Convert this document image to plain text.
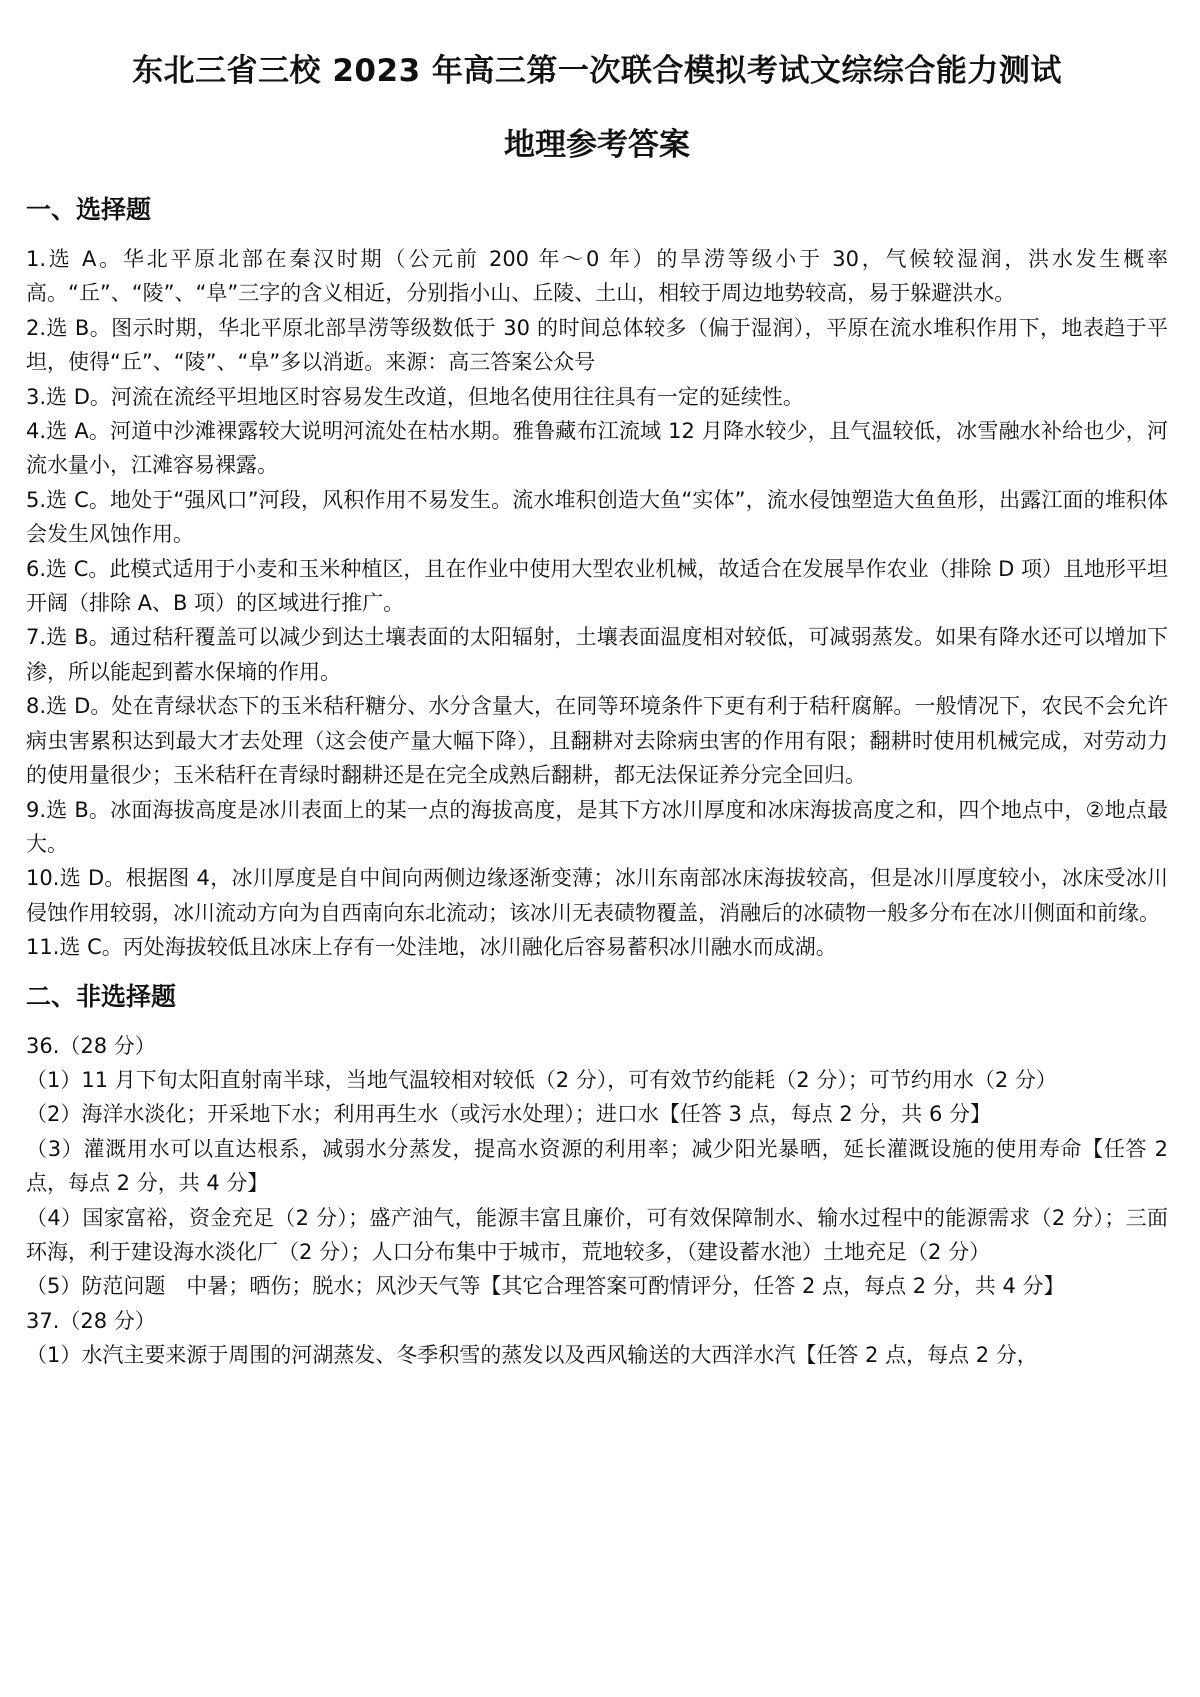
东北三省三校 2023 年高三第一次联合模拟考试文综综合能力测试
地理参考答案
一、选择题

1.选 A。华北平原北部在秦汉时期（公元前 200 年～0 年）的旱涝等级小于 30，气候较湿润，洪水发生概率高。“丘”、“陵”、“阜”三字的含义相近，分别指小山、丘陵、土山，相较于周边地势较高，易于躲避洪水。

2.选 B。图示时期，华北平原北部旱涝等级数低于 30 的时间总体较多（偏于湿润），平原在流水堆积作用下，地表趋于平坦，使得“丘”、“陵”、“阜”多以消逝。来源：高三答案公众号

3.选 D。河流在流经平坦地区时容易发生改道，但地名使用往往具有一定的延续性。

4.选 A。河道中沙滩裸露较大说明河流处在枯水期。雅鲁藏布江流域 12 月降水较少，且气温较低，冰雪融水补给也少，河流水量小，江滩容易裸露。

5.选 C。地处于“强风口”河段，风积作用不易发生。流水堆积创造大鱼“实体”，流水侵蚀塑造大鱼鱼形，出露江面的堆积体会发生风蚀作用。

6.选 C。此模式适用于小麦和玉米种植区，且在作业中使用大型农业机械，故适合在发展旱作农业（排除 D 项）且地形平坦开阔（排除 A、B 项）的区域进行推广。

7.选 B。通过秸秆覆盖可以减少到达土壤表面的太阳辐射，土壤表面温度相对较低，可减弱蒸发。如果有降水还可以增加下渗，所以能起到蓄水保墒的作用。

8.选 D。处在青绿状态下的玉米秸秆糖分、水分含量大，在同等环境条件下更有利于秸秆腐解。一般情况下，农民不会允许病虫害累积达到最大才去处理（这会使产量大幅下降），且翻耕对去除病虫害的作用有限；翻耕时使用机械完成，对劳动力的使用量很少；玉米秸秆在青绿时翻耕还是在完全成熟后翻耕，都无法保证养分完全回归。

9.选 B。冰面海拔高度是冰川表面上的某一点的海拔高度，是其下方冰川厚度和冰床海拔高度之和，四个地点中，②地点最大。

10.选 D。根据图 4，冰川厚度是自中间向两侧边缘逐渐变薄；冰川东南部冰床海拔较高，但是冰川厚度较小，冰床受冰川侵蚀作用较弱，冰川流动方向为自西南向东北流动；该冰川无表碛物覆盖，消融后的冰碛物一般多分布在冰川侧面和前缘。

11.选 C。丙处海拔较低且冰床上存有一处洼地，冰川融化后容易蓄积冰川融水而成湖。

二、非选择题

36.（28 分）

（1）11 月下旬太阳直射南半球，当地气温较相对较低（2 分），可有效节约能耗（2 分）；可节约用水（2 分）

（2）海洋水淡化；开采地下水；利用再生水（或污水处理）；进口水【任答 3 点，每点 2 分，共 6 分】

（3）灌溉用水可以直达根系，减弱水分蒸发，提高水资源的利用率；减少阳光暴晒，延长灌溉设施的使用寿命【任答 2 点，每点 2 分，共 4 分】

（4）国家富裕，资金充足（2 分）；盛产油气，能源丰富且廉价，可有效保障制水、输水过程中的能源需求（2 分）；三面环海，利于建设海水淡化厂（2 分）；人口分布集中于城市，荒地较多，（建设蓄水池）土地充足（2 分）

（5）防范问题　中暑；晒伤；脱水；风沙天气等【其它合理答案可酌情评分，任答 2 点，每点 2 分，共 4 分】

37.（28 分）

（1）水汽主要来源于周围的河湖蒸发、冬季积雪的蒸发以及西风输送的大西洋水汽【任答 2 点，每点 2 分，
